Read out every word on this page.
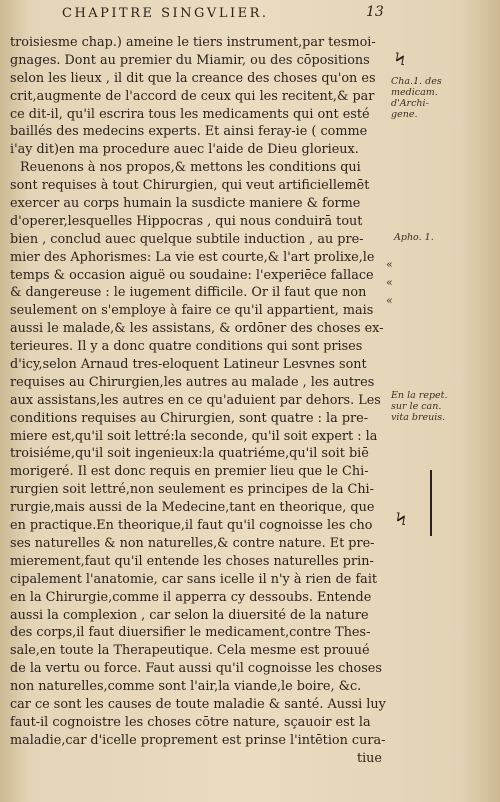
CHAPITRE SINGVLIER.	13
troisiesme chap.) ameine le tiers instrument,par tesmoi-
gnages. Dont au premier du Miamir, ou des cōpositions
selon les lieux , il dit que la creance des choses qu'on es
crit,augmente de l'accord de ceux qui les recitent,& par
ce dit-il, qu'il escrira tous les medicaments qui ont esté
baillés des medecins experts. Et ainsi feray-ie ( comme
i'ay dit)en ma procedure auec l'aide de Dieu glorieux.
Reuenons à nos propos,& mettons les conditions qui
sont requises à tout Chirurgien, qui veut artificiellemēt
exercer au corps humain la susdicte maniere & forme
d'operer,lesquelles Hippocras , qui nous conduirā tout
bien , conclud auec quelque subtile induction , au pre-
mier des Aphorismes: La vie est courte,& l'art prolixe,le
temps & occasion aiguë ou soudaine: l'experiēce fallace
& dangereuse : le iugement difficile. Or il faut que non
seulement on s'employe à faire ce qu'il appartient, mais
aussi le malade,& les assistans, & ordōner des choses ex-
terieures. Il y a donc quatre conditions qui sont prises
d'icy,selon Arnaud tres-eloquent Latineur Lesvnes sont
requises au Chirurgien,les autres au malade , les autres
aux assistans,les autres en ce qu'aduient par dehors. Les
conditions requises au Chirurgien, sont quatre : la pre-
miere est,qu'il soit lettré:la seconde, qu'il soit expert : la
troisiéme,qu'il soit ingenieux:la quatriéme,qu'il soit biē
morigeré. Il est donc requis en premier lieu que le Chi-
rurgien soit lettré,non seulement es principes de la Chi-
rurgie,mais aussi de la Medecine,tant en theorique, que
en practique.En theorique,il faut qu'il cognoisse les cho
ses naturelles & non naturelles,& contre nature. Et pre-
mierement,faut qu'il entende les choses naturelles prin-
cipalement l'anatomie, car sans icelle il n'y à rien de fait
en la Chirurgie,comme il apperra cy dessoubs. Entende
aussi la complexion , car selon la diuersité de la nature
des corps,il faut diuersifier le medicament,contre Thes-
sale,en toute la Therapeutique. Cela mesme est prouué
de la vertu ou force. Faut aussi qu'il cognoisse les choses
non naturelles,comme sont l'air,la viande,le boire, &c.
car ce sont les causes de toute maladie & santé. Aussi luy
faut-il cognoistre les choses cōtre nature, sçauoir est la
maladie,car d'icelle proprement est prinse l'intētion cura-
tiue
Ϟ
Cha.1. des
medicam.
d'Archi-
gene.
Apho. 1.
«
«
«
En la repet.
sur le can.
vita breuis.
Ϟ
